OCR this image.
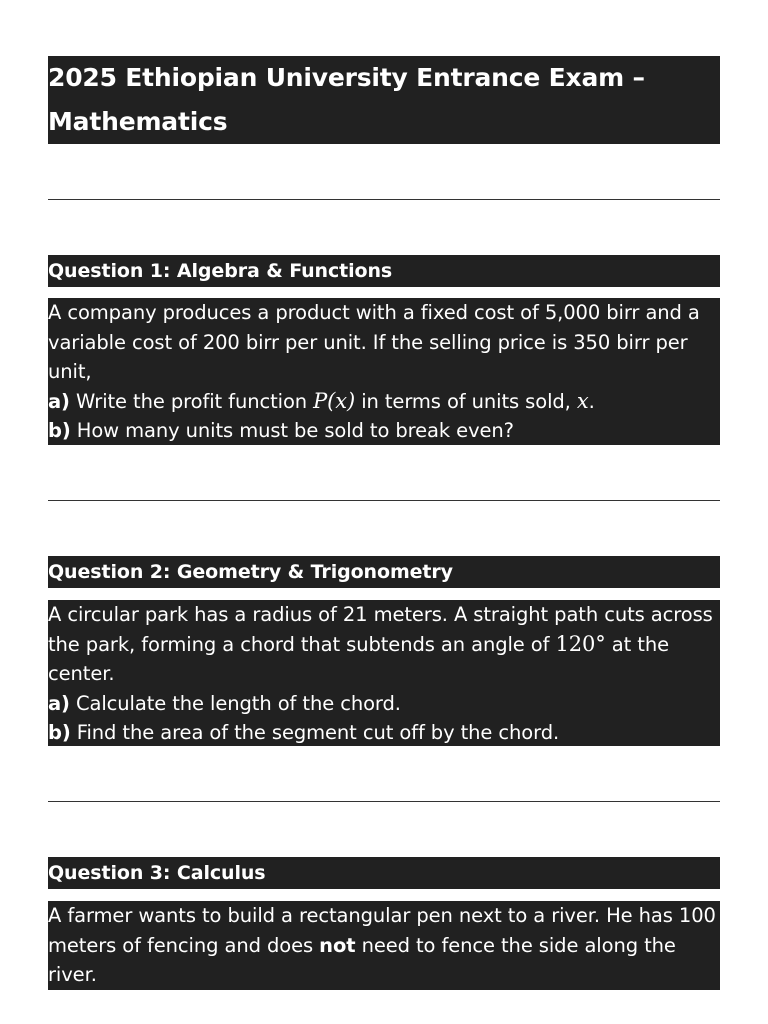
2025 Ethiopian University Entrance Exam –
Mathematics
Question 1: Algebra & Functions

A company produces a product with a fixed cost of 5,000 birr and a variable cost of 200 birr per unit. If the selling price is 350 birr per unit,

a) Write the profit function P(x) in terms of units sold, x.

b) How many units must be sold to break even?

Question 2: Geometry & Trigonometry

A circular park has a radius of 21 meters. A straight path cuts across the park, forming a chord that subtends an angle of 120° at the center.

a) Calculate the length of the chord.

b) Find the area of the segment cut off by the chord.

Question 3: Calculus

A farmer wants to build a rectangular pen next to a river. He has 100 meters of fencing and does not need to fence the side along the river.
